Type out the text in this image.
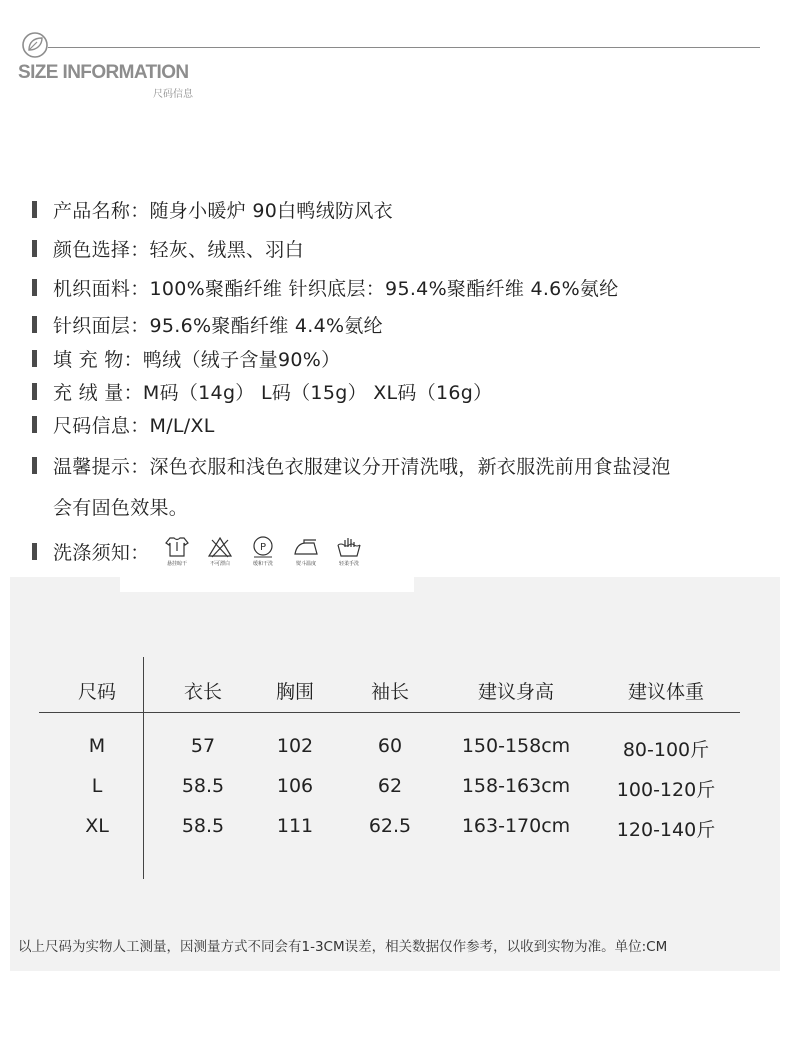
SIZE INFORMATION
尺码信息
产品名称：随身小暖炉 90白鸭绒防风衣
颜色选择：轻灰、绒黑、羽白
机织面料：100%聚酯纤维 针织底层：95.4%聚酯纤维 4.6%氨纶
针织面层：95.6%聚酯纤维 4.4%氨纶
填 充 物：鸭绒（绒子含量90%）
充 绒 量：M码（14g） L码（15g） XL码（16g）
尺码信息：M/L/XL
温馨提示：深色衣服和浅色衣服建议分开清洗哦，新衣服洗前用食盐浸泡
会有固色效果。
洗涤须知：
悬挂晾干	不可漂白
P
缓和干洗	熨斗温度	轻柔手洗
尺码	衣长	胸围	袖长	建议身高	建议体重
M	57	102	60	150-158cm	80-100斤
L	58.5	106	62	158-163cm 100-120斤
XL	58.5	111	62.5	163-170cm 120-140斤
以上尺码为实物人工测量，因测量方式不同会有1-3CM误差，相关数据仅作参考，以收到实物为准。单位:CM
